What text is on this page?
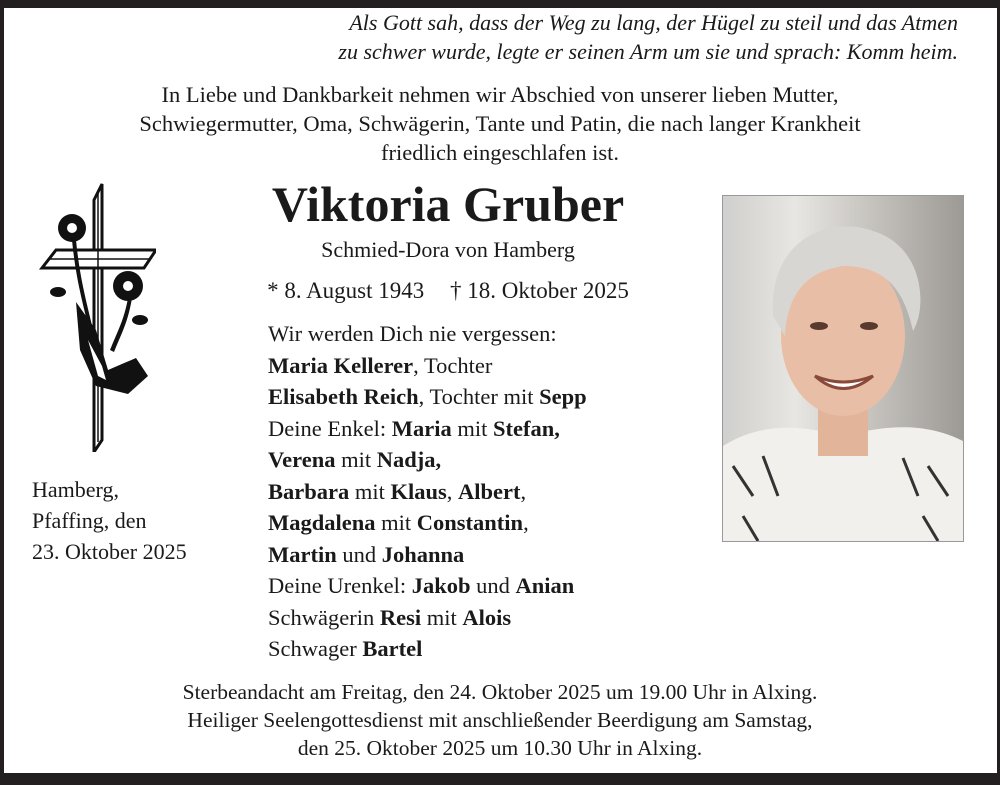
Als Gott sah, dass der Weg zu lang, der Hügel zu steil und das Atmen
zu schwer wurde, legte er seinen Arm um sie und sprach: Komm heim.
In Liebe und Dankbarkeit nehmen wir Abschied von unserer lieben Mutter,
Schwiegermutter, Oma, Schwägerin, Tante und Patin, die nach langer Krankheit
friedlich eingeschlafen ist.
Viktoria Gruber
Schmied-Dora von Hamberg
* 8. August 1943 † 18. Oktober 2025
Wir werden Dich nie vergessen:
Maria Kellerer, Tochter
Elisabeth Reich, Tochter mit Sepp
Deine Enkel: Maria mit Stefan,
Verena mit Nadja,
Barbara mit Klaus, Albert,
Magdalena mit Constantin,
Martin und Johanna
Deine Urenkel: Jakob und Anian
Schwägerin Resi mit Alois
Schwager Bartel
Hamberg,
Pfaffing, den
23. Oktober 2025
Sterbeandacht am Freitag, den 24. Oktober 2025 um 19.00 Uhr in Alxing.
Heiliger Seelengottesdienst mit anschließender Beerdigung am Samstag,
den 25. Oktober 2025 um 10.30 Uhr in Alxing.
